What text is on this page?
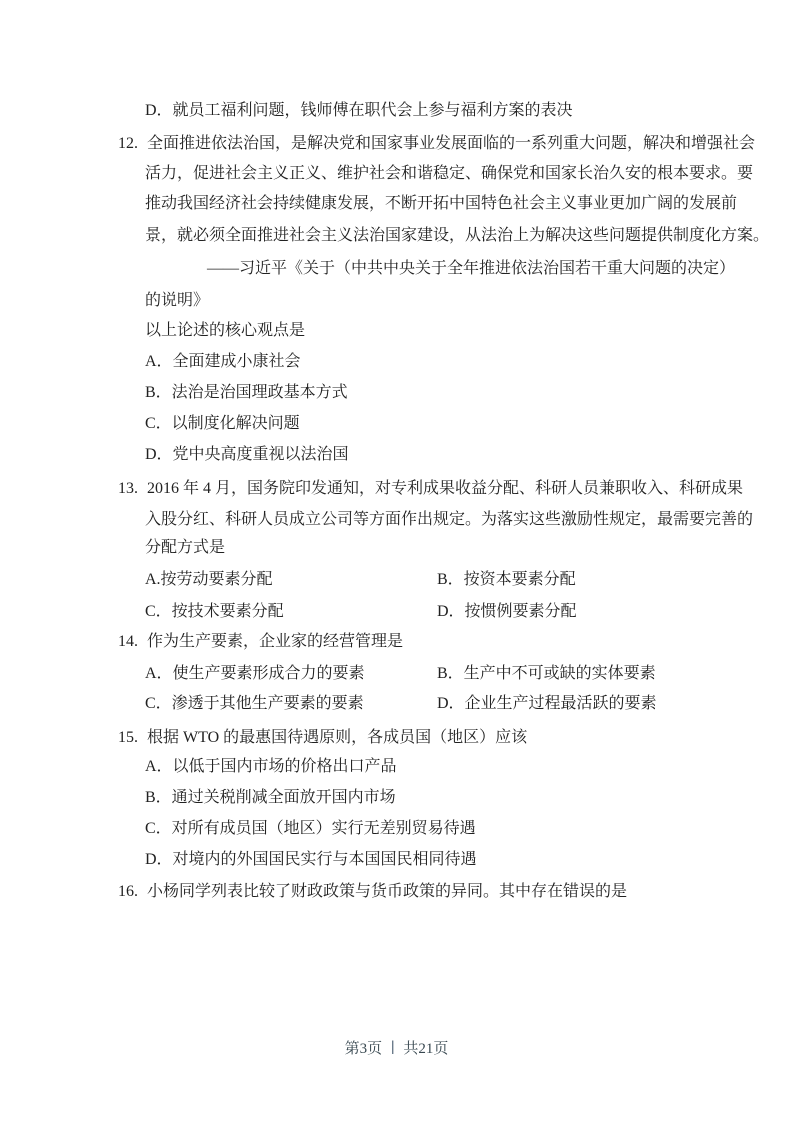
D．就员工福利问题，钱师傅在职代会上参与福利方案的表决
12. 全面推进依法治国，是解决党和国家事业发展面临的一系列重大问题，解决和增强社会
活力，促进社会主义正义、维护社会和谐稳定、确保党和国家长治久安的根本要求。要
推动我国经济社会持续健康发展，不断开拓中国特色社会主义事业更加广阔的发展前
景，就必须全面推进社会主义法治国家建设，从法治上为解决这些问题提供制度化方案。
——习近平《关于（中共中央关于全年推进依法治国若干重大问题的决定）
的说明》
以上论述的核心观点是
A．全面建成小康社会
B．法治是治国理政基本方式
C．以制度化解决问题
D．党中央高度重视以法治国
13. 2016 年 4 月，国务院印发通知，对专利成果收益分配、科研人员兼职收入、科研成果
入股分红、科研人员成立公司等方面作出规定。为落实这些激励性规定，最需要完善的
分配方式是
A.按劳动要素分配	B．按资本要素分配
C．按技术要素分配	D．按惯例要素分配
14. 作为生产要素，企业家的经营管理是
A．使生产要素形成合力的要素	B．生产中不可或缺的实体要素
C．渗透于其他生产要素的要素	D．企业生产过程最活跃的要素
15. 根据 WTO 的最惠国待遇原则，各成员国（地区）应该
A．以低于国内市场的价格出口产品
B．通过关税削减全面放开国内市场
C．对所有成员国（地区）实行无差别贸易待遇
D．对境内的外国国民实行与本国国民相同待遇
16. 小杨同学列表比较了财政政策与货币政策的异同。其中存在错误的是
第3页 | 共21页
